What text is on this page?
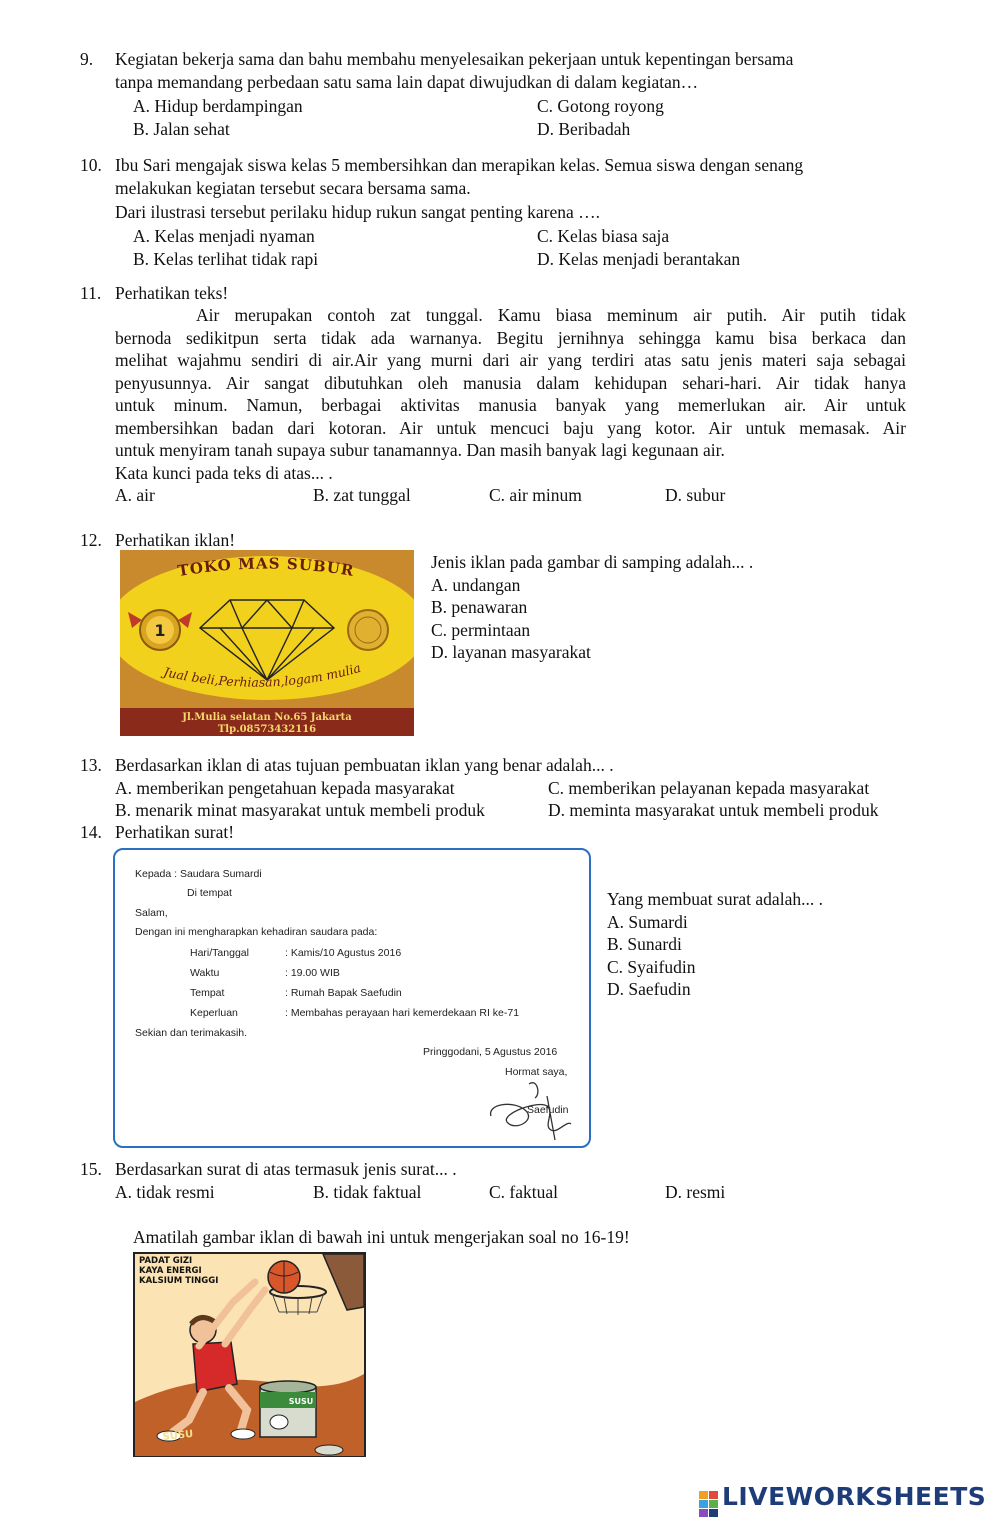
9. Kegiatan bekerja sama dan bahu membahu menyelesaikan pekerjaan untuk kepentingan bersama
tanpa memandang perbedaan satu sama lain dapat diwujudkan di dalam kegiatan…
A. Hidup berdampingan
B. Jalan sehat
C. Gotong royong
D. Beribadah
10. Ibu Sari mengajak siswa kelas 5 membersihkan dan merapikan kelas. Semua siswa dengan senang
melakukan kegiatan tersebut secara bersama sama.
Dari ilustrasi tersebut perilaku hidup rukun sangat penting karena ….
A. Kelas menjadi nyaman
B. Kelas terlihat tidak rapi
C. Kelas biasa saja
D. Kelas menjadi berantakan
11. Perhatikan teks!
Air merupakan contoh zat tunggal. Kamu biasa meminum air putih. Air putih tidak
bernoda sedikitpun serta tidak ada warnanya. Begitu jernihnya sehingga kamu bisa berkaca dan
melihat wajahmu sendiri di air.Air yang murni dari air yang terdiri atas satu jenis materi saja sebagai
penyusunnya. Air sangat dibutuhkan oleh manusia dalam kehidupan sehari-hari. Air tidak hanya
untuk minum. Namun, berbagai aktivitas manusia banyak yang memerlukan air. Air untuk
membersihkan badan dari kotoran. Air untuk mencuci baju yang kotor. Air untuk memasak. Air
untuk menyiram tanah supaya subur tanamannya. Dan masih banyak lagi kegunaan air.
Kata kunci pada teks di atas... .
A. air	B. zat tunggal	C. air minum	D. subur
12. Perhatikan iklan!
TOKO MAS SUBUR
1
Jual beli,Perhiasan,logam mulia
Jl.Mulia selatan No.65 Jakarta
Tlp.08573432116
Jenis iklan pada gambar di samping adalah... .
A. undangan
B. penawaran
C. permintaan
D. layanan masyarakat
13. Berdasarkan iklan di atas tujuan pembuatan iklan yang benar adalah... .
A. memberikan pengetahuan kepada masyarakat
B. menarik minat masyarakat untuk membeli produk
C. memberikan pelayanan kepada masyarakat
D. meminta masyarakat untuk membeli produk
14. Perhatikan surat!
Kepada : Saudara Sumardi
Di tempat
Salam,
Dengan ini mengharapkan kehadiran saudara pada:
Hari/Tanggal	: Kamis/10 Agustus 2016
Waktu	: 19.00 WIB
Tempat	: Rumah Bapak Saefudin
Keperluan	: Membahas perayaan hari kemerdekaan RI ke-71
Sekian dan terimakasih.
Pringgodani, 5 Agustus 2016
Hormat saya,
Saefudin
Yang membuat surat adalah... .
A. Sumardi
B. Sunardi
C. Syaifudin
D. Saefudin
15. Berdasarkan surat di atas termasuk jenis surat... .
A. tidak resmi	B. tidak faktual	C. faktual	D. resmi
Amatilah gambar iklan di bawah ini untuk mengerjakan soal no 16-19!
SUSU
SUSU
PADAT GIZI
KAYA ENERGI
KALSIUM TINGGI
LIVEWORKSHEETS
